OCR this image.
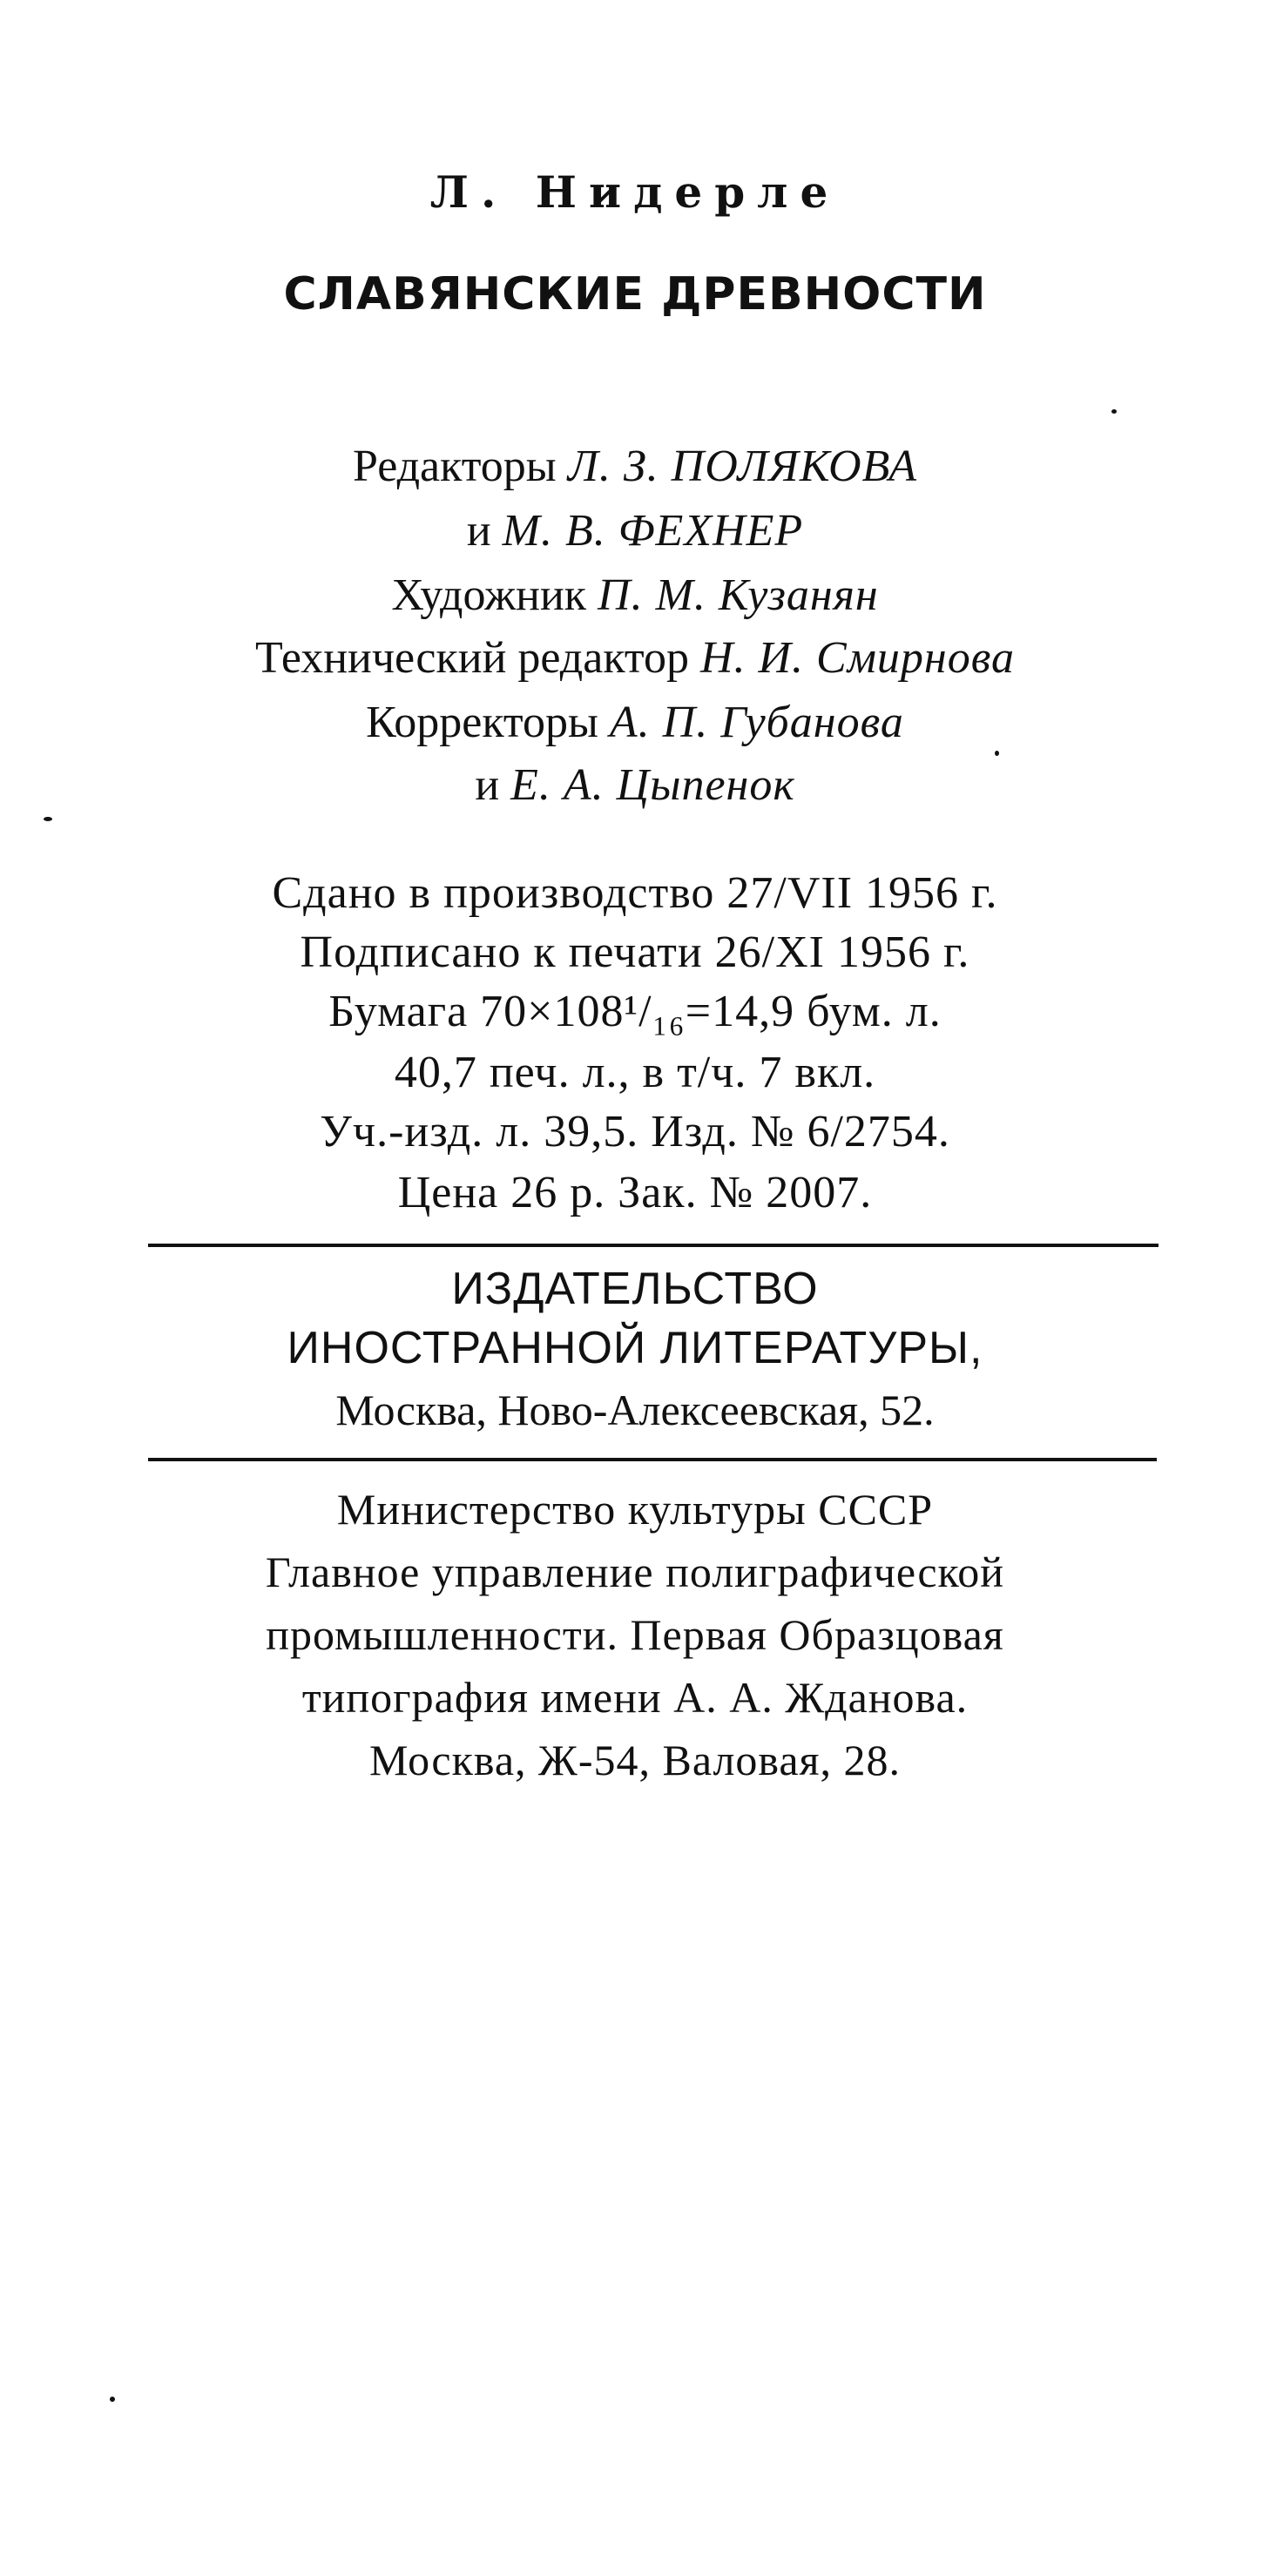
Л. Нидерле
СЛАВЯНСКИЕ ДРЕВНОСТИ
Редакторы Л. З. ПОЛЯКОВА
и М. В. ФЕХНЕР
Художник П. М. Кузанян
Технический редактор Н. И. Смирнова
Корректоры А. П. Губанова
и Е. А. Цыпенок
Сдано в производство 27/VII 1956 г.
Подписано к печати 26/XI 1956 г.
Бумага 70×108¹/₁₆=14,9 бум. л.
40,7 печ. л., в т/ч. 7 вкл.
Уч.-изд. л. 39,5. Изд. № 6/2754.
Цена 26 р. Зак. № 2007.
ИЗДАТЕЛЬСТВО
ИНОСТРАННОЙ ЛИТЕРАТУРЫ,
Москва, Ново-Алексеевская, 52.
Министерство культуры СССР
Главное управление полиграфической
промышленности. Первая Образцовая
типография имени А. А. Жданова.
Москва, Ж-54, Валовая, 28.
